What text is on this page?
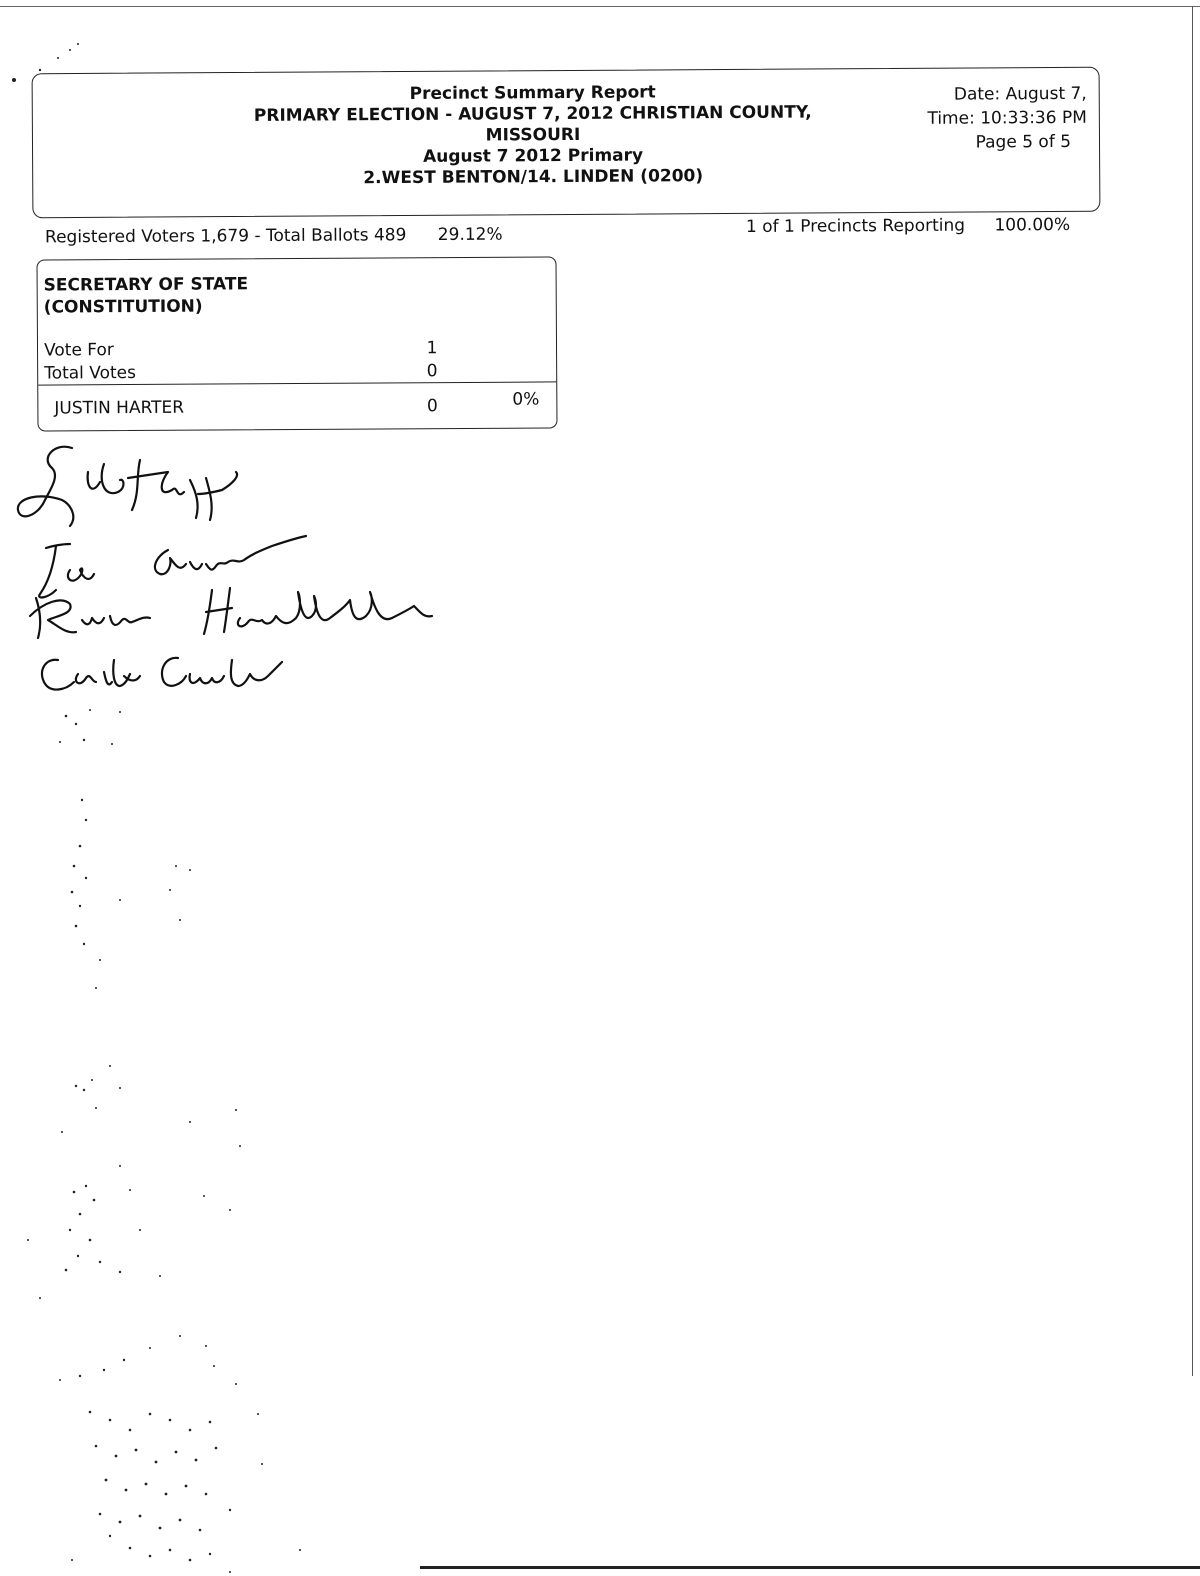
Precinct Summary Report
PRIMARY ELECTION - AUGUST 7, 2012 CHRISTIAN COUNTY,
MISSOURI
August 7 2012 Primary
2.WEST BENTON/14. LINDEN (0200)
Date: August 7,
Time: 10:33:36 PM
Page 5 of 5
Registered Voters 1,679 - Total Ballots 489 29.12%	1 of 1 Precincts Reporting 100.00%
SECRETARY OF STATE
(CONSTITUTION)
Vote For	1
Total Votes	0
JUSTIN HARTER	0	0%
